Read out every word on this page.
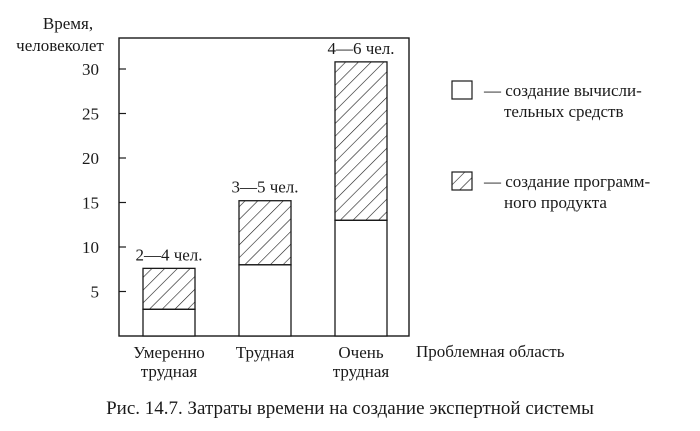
Время,
человеколет
5
10
15
20
25
30
2—4 чел.
3—5 чел.
4—6 чел.
Умеренно
трудная
Трудная	Очень
трудная
Проблемная область
— создание вычисли-
тельных средств
— создание программ-
ного продукта
Рис. 14.7. Затраты времени на создание экспертной системы
